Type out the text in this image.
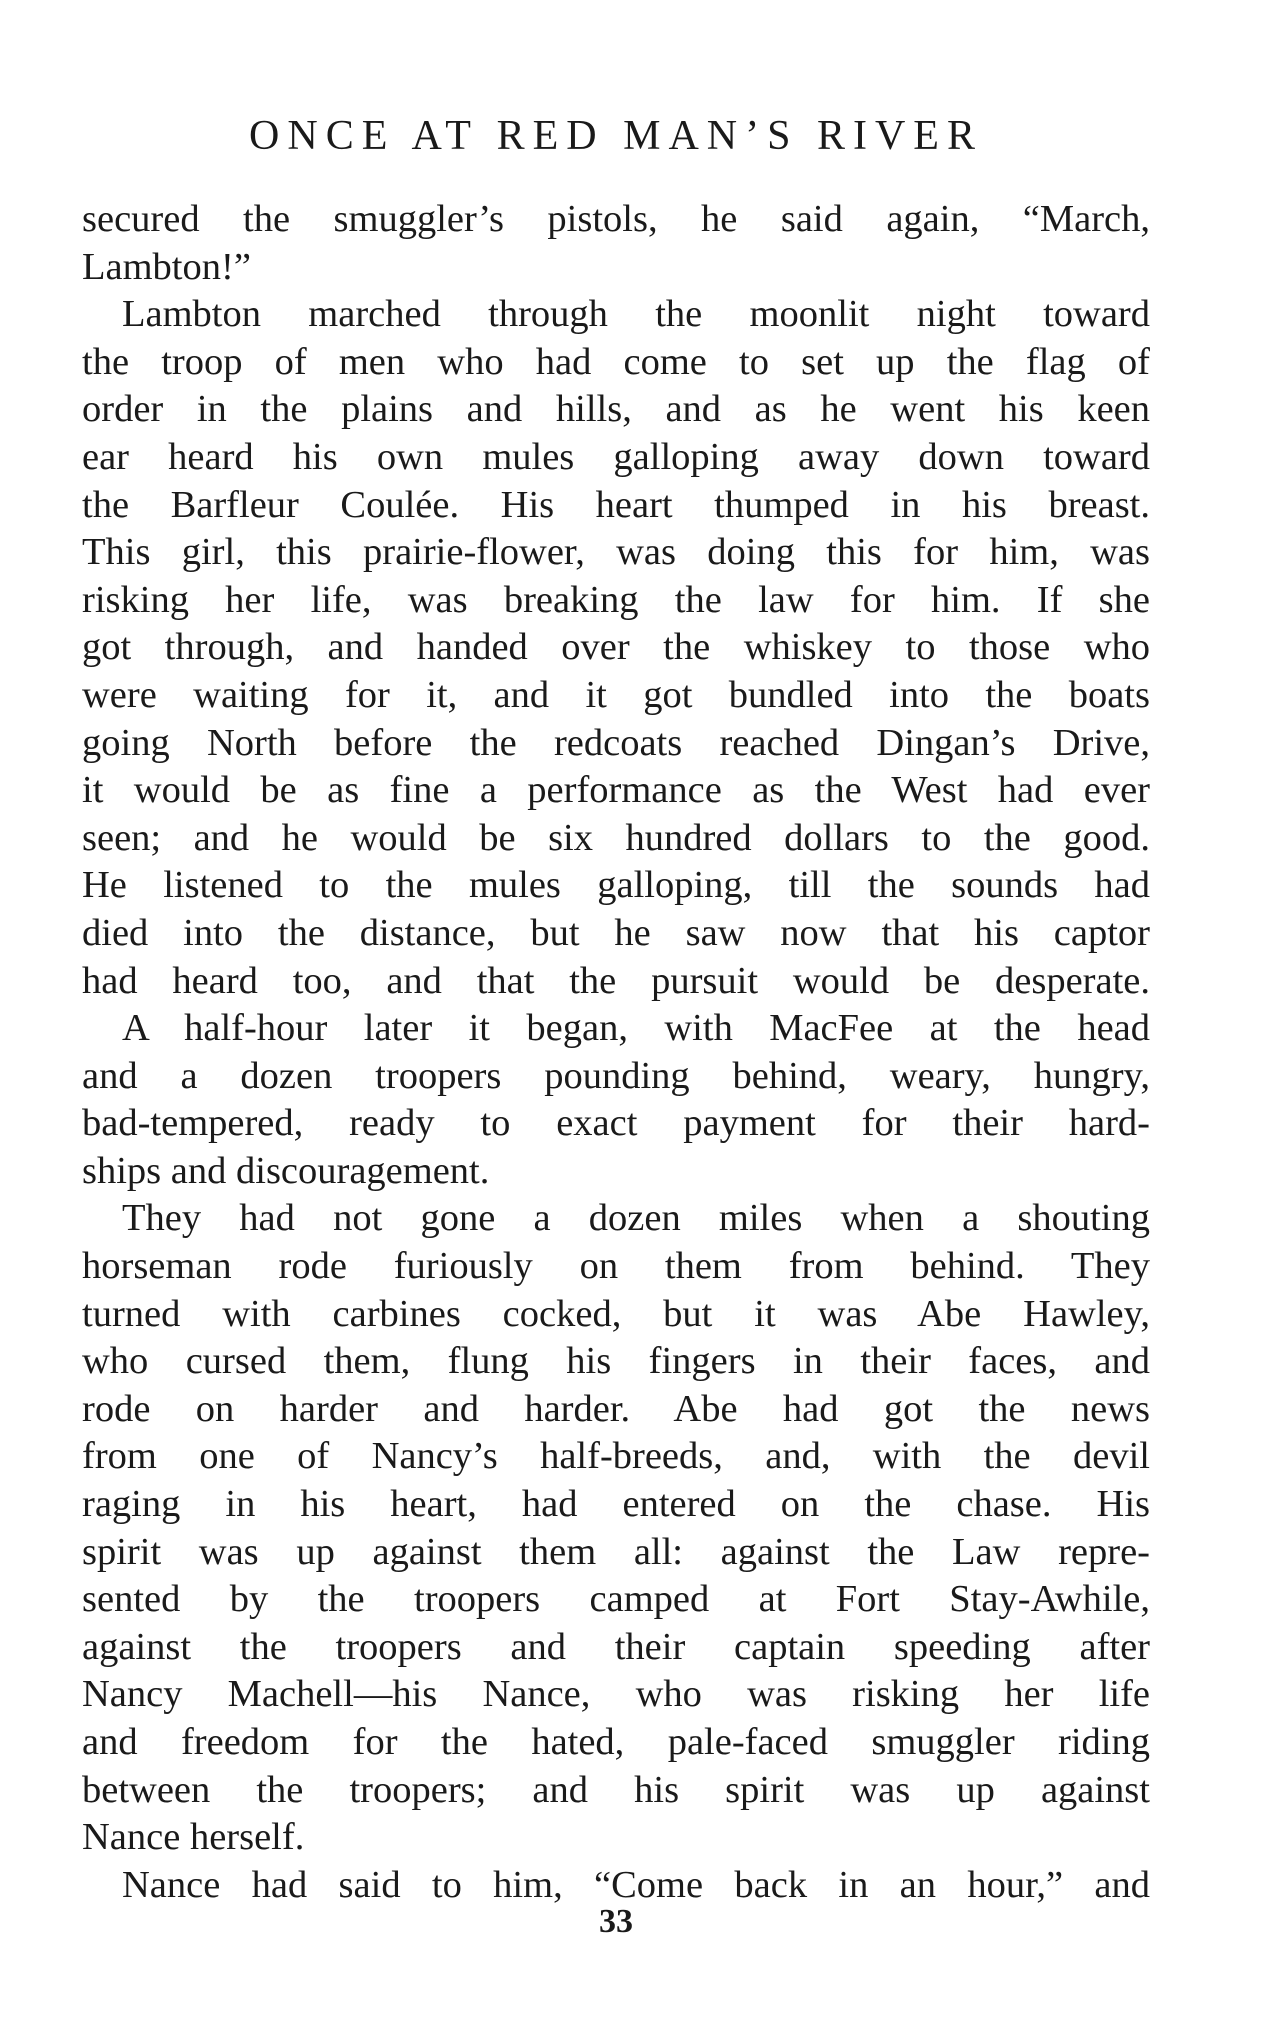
ONCE AT RED MAN’S RIVER
secured the smuggler’s pistols, he said again, “March,
Lambton!”
Lambton marched through the moonlit night toward
the troop of men who had come to set up the flag of
order in the plains and hills, and as he went his keen
ear heard his own mules galloping away down toward
the Barfleur Coulée. His heart thumped in his breast.
This girl, this prairie-flower, was doing this for him, was
risking her life, was breaking the law for him. If she
got through, and handed over the whiskey to those who
were waiting for it, and it got bundled into the boats
going North before the redcoats reached Dingan’s Drive,
it would be as fine a performance as the West had ever
seen; and he would be six hundred dollars to the good.
He listened to the mules galloping, till the sounds had
died into the distance, but he saw now that his captor
had heard too, and that the pursuit would be desperate.
A half-hour later it began, with MacFee at the head
and a dozen troopers pounding behind, weary, hungry,
bad-tempered, ready to exact payment for their hard-
ships and discouragement.
They had not gone a dozen miles when a shouting
horseman rode furiously on them from behind. They
turned with carbines cocked, but it was Abe Hawley,
who cursed them, flung his fingers in their faces, and
rode on harder and harder. Abe had got the news
from one of Nancy’s half-breeds, and, with the devil
raging in his heart, had entered on the chase. His
spirit was up against them all: against the Law repre-
sented by the troopers camped at Fort Stay-Awhile,
against the troopers and their captain speeding after
Nancy Machell—his Nance, who was risking her life
and freedom for the hated, pale-faced smuggler riding
between the troopers; and his spirit was up against
Nance herself.
Nance had said to him, “Come back in an hour,” and
33
